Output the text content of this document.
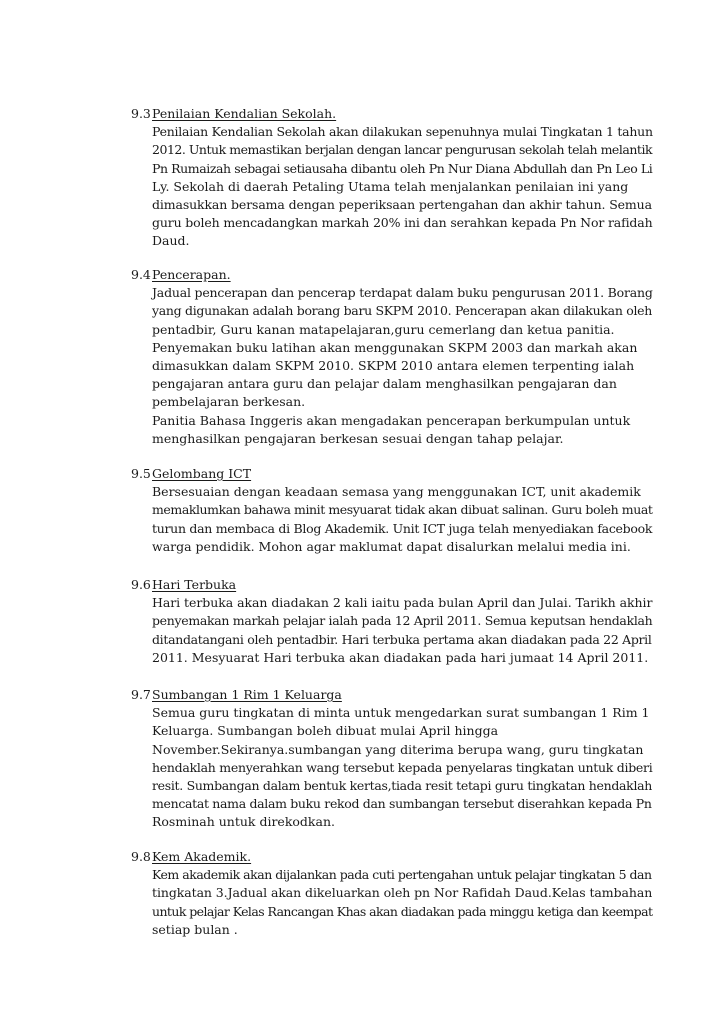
9.3 Penilaian Kendalian Sekolah.
Penilaian Kendalian Sekolah akan dilakukan sepenuhnya mulai Tingkatan 1 tahun
2012. Untuk memastikan berjalan dengan lancar pengurusan sekolah telah melantik
Pn Rumaizah sebagai setiausaha dibantu oleh Pn Nur Diana Abdullah dan Pn Leo Li
Ly. Sekolah di daerah Petaling Utama telah menjalankan penilaian ini yang
dimasukkan bersama dengan peperiksaan pertengahan dan akhir tahun. Semua
guru boleh mencadangkan markah 20% ini dan serahkan kepada Pn Nor rafidah
Daud.
9.4 Pencerapan.
Jadual pencerapan dan pencerap terdapat dalam buku pengurusan 2011. Borang
yang digunakan adalah borang baru SKPM 2010. Pencerapan akan dilakukan oleh
pentadbir, Guru kanan matapelajaran,guru cemerlang dan ketua panitia.
Penyemakan buku latihan akan menggunakan SKPM 2003 dan markah akan
dimasukkan dalam SKPM 2010. SKPM 2010 antara elemen terpenting ialah
pengajaran antara guru dan pelajar dalam menghasilkan pengajaran dan
pembelajaran berkesan.
Panitia Bahasa Inggeris akan mengadakan pencerapan berkumpulan untuk
menghasilkan pengajaran berkesan sesuai dengan tahap pelajar.
9.5 Gelombang ICT
Bersesuaian dengan keadaan semasa yang menggunakan ICT, unit akademik
memaklumkan bahawa minit mesyuarat tidak akan dibuat salinan. Guru boleh muat
turun dan membaca di Blog Akademik. Unit ICT juga telah menyediakan facebook
warga pendidik. Mohon agar maklumat dapat disalurkan melalui media ini.
9.6 Hari Terbuka
Hari terbuka akan diadakan 2 kali iaitu pada bulan April dan Julai. Tarikh akhir
penyemakan markah pelajar ialah pada 12 April 2011. Semua keputsan hendaklah
ditandatangani oleh pentadbir. Hari terbuka pertama akan diadakan pada 22 April
2011. Mesyuarat Hari terbuka akan diadakan pada hari jumaat 14 April 2011.
9.7 Sumbangan 1 Rim 1 Keluarga
Semua guru tingkatan di minta untuk mengedarkan surat sumbangan 1 Rim 1
Keluarga. Sumbangan boleh dibuat mulai April hingga
November.Sekiranya.sumbangan yang diterima berupa wang, guru tingkatan
hendaklah menyerahkan wang tersebut kepada penyelaras tingkatan untuk diberi
resit. Sumbangan dalam bentuk kertas,tiada resit tetapi guru tingkatan hendaklah
mencatat nama dalam buku rekod dan sumbangan tersebut diserahkan kepada Pn
Rosminah untuk direkodkan.
9.8 Kem Akademik.
Kem akademik akan dijalankan pada cuti pertengahan untuk pelajar tingkatan 5 dan
tingkatan 3.Jadual akan dikeluarkan oleh pn Nor Rafidah Daud.Kelas tambahan
untuk pelajar Kelas Rancangan Khas akan diadakan pada minggu ketiga dan keempat
setiap bulan .
